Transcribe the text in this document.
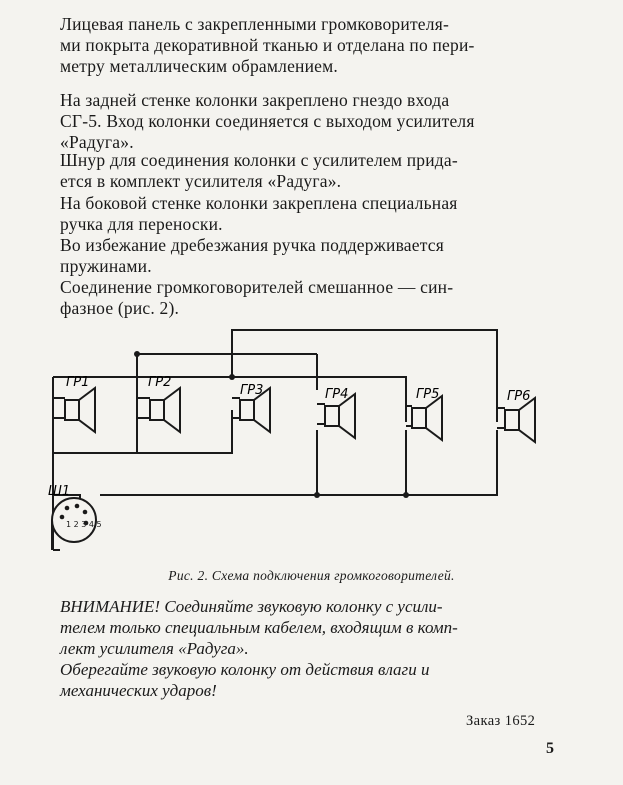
Лицевая панель с закрепленными громковорителя-
ми покрыта декоративной тканью и отделана по пери-
метру металлическим обрамлением.

На задней стенке колонки закреплено гнездо входа
СГ-5. Вход колонки соединяется с выходом усилителя
«Радуга».

Шнур для соединения колонки с усилителем прида-
ется в комплект усилителя «Радуга».

На боковой стенке колонки закреплена специальная
ручка для переноски.

Во избежание дребезжания ручка поддерживается
пружинами.

Соединение громкоговорителей смешанное — син-
фазное (рис. 2).

1 2 3 4 5
ГР1	ГР2
ГР3	ГР4	ГР5	ГР6
Ш1
Рис. 2. Схема подключения громкоговорителей.

ВНИМАНИЕ! Соединяйте звуковую колонку с усили-
телем только специальным кабелем, входящим в комп-
лект усилителя «Радуга».

Оберегайте звуковую колонку от действия влаги и
механических ударов!

Заказ 1652
5
